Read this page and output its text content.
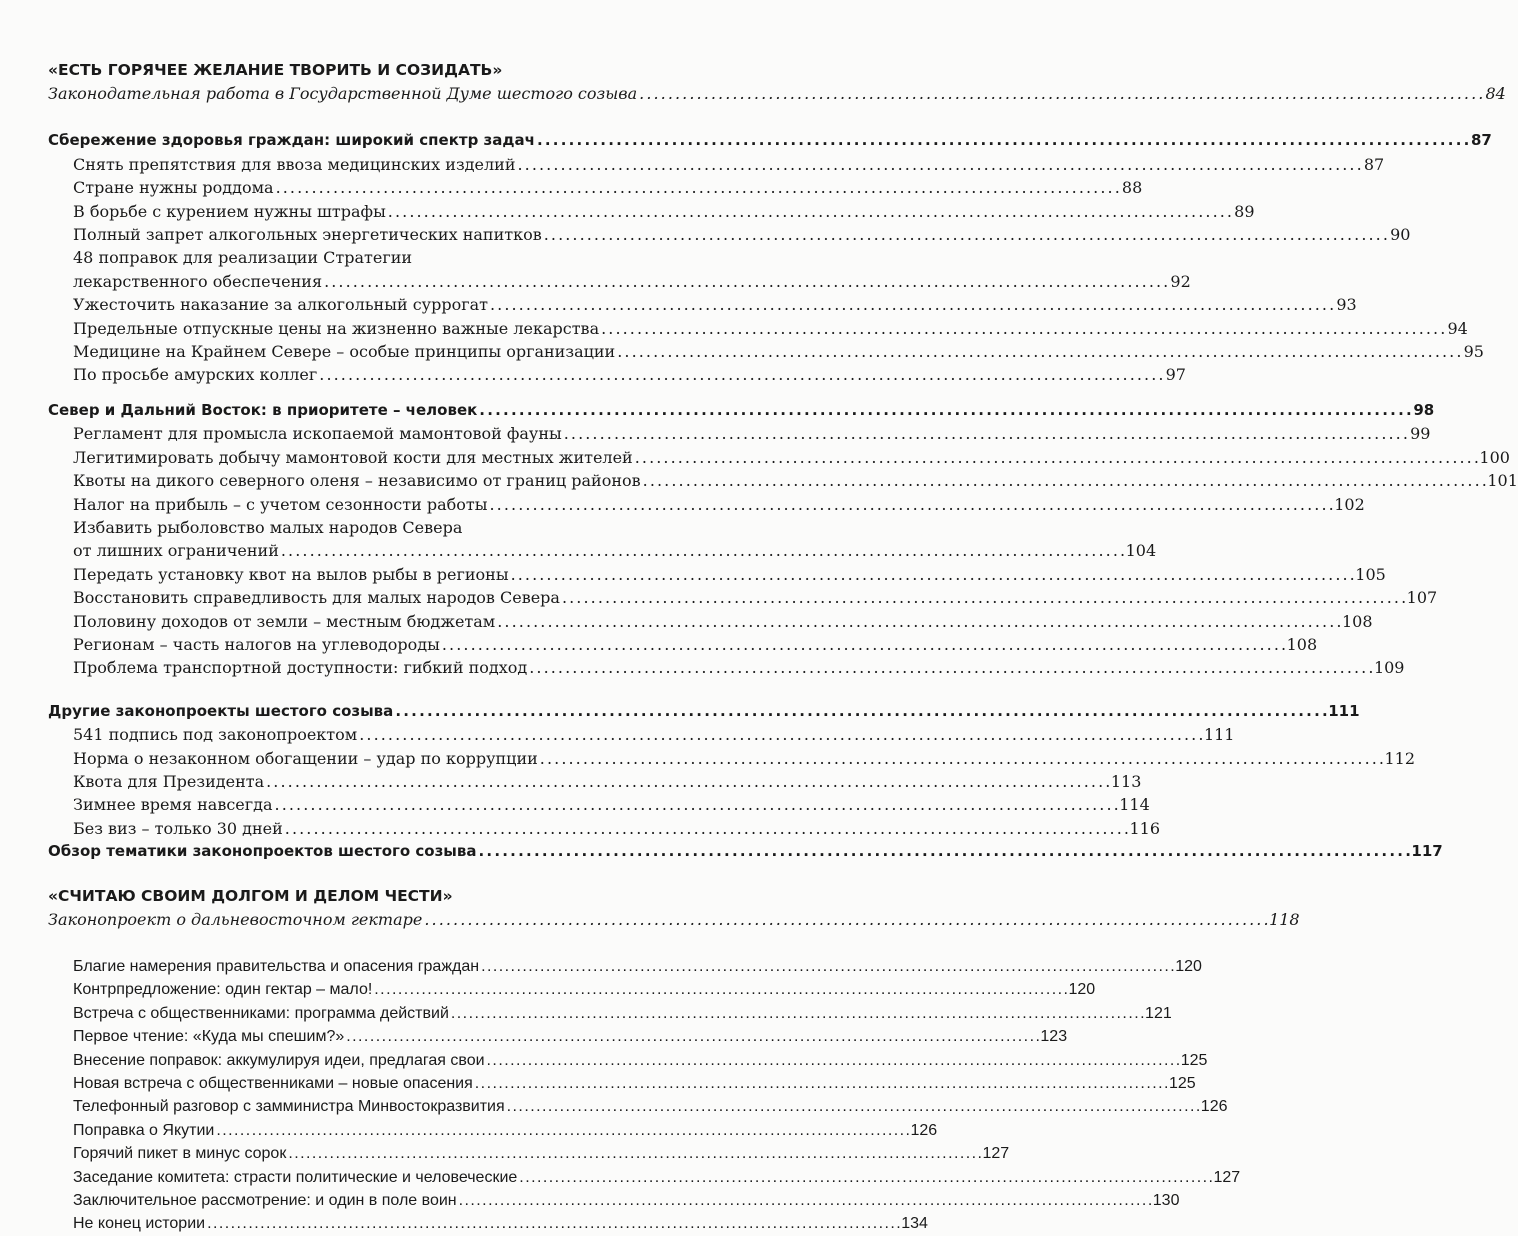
«ЕСТЬ ГОРЯЧЕЕ ЖЕЛАНИЕ ТВОРИТЬ И СОЗИДАТЬ»
Законодательная работа в Государственной Думе шестого созыва . . .	84
Сбережение здоровья граждан: широкий спектр задач . . .	87
Снять препятствия для ввоза медицинских изделий . . .	87
Стране нужны роддома . . .	88
В борьбе с курением нужны штрафы . . .	89
Полный запрет алкогольных энергетических напитков . . .	90
48 поправок для реализации Стратегии
лекарственного обеспечения . . .	92
Ужесточить наказание за алкогольный суррогат . . .	93
Предельные отпускные цены на жизненно важные лекарства . . .	94
Медицине на Крайнем Севере – особые принципы организации . . .	95
По просьбе амурских коллег . . .	97
Север и Дальний Восток: в приоритете – человек . . .	98
Регламент для промысла ископаемой мамонтовой фауны . . .	99
Легитимировать добычу мамонтовой кости для местных жителей . . .	100
Квоты на дикого северного оленя – независимо от границ районов . . .	101
Налог на прибыль – с учетом сезонности работы . . .	102
Избавить рыболовство малых народов Севера
от лишних ограничений . . .	104
Передать установку квот на вылов рыбы в регионы . . .	105
Восстановить справедливость для малых народов Севера . . .	107
Половину доходов от земли – местным бюджетам . . .	108
Регионам – часть налогов на углеводороды . . .	108
Проблема транспортной доступности: гибкий подход . . .	109
Другие законопроекты шестого созыва . . .	111
541 подпись под законопроектом . . .	111
Норма о незаконном обогащении – удар по коррупции . . .	112
Квота для Президента . . .	113
Зимнее время навсегда . . .	114
Без виз – только 30 дней . . .	116
Обзор тематики законопроектов шестого созыва . . .	117
«СЧИТАЮ СВОИМ ДОЛГОМ И ДЕЛОМ ЧЕСТИ»
Законопроект о дальневосточном гектаре . . .	118
Благие намерения правительства и опасения граждан . . .	120
Контрпредложение: один гектар – мало! . . .	120
Встреча с общественниками: программа действий . . .	121
Первое чтение: «Куда мы спешим?» . . .	123
Внесение поправок: аккумулируя идеи, предлагая свои . . .	125
Новая встреча с общественниками – новые опасения . . .	125
Телефонный разговор с замминистра Минвостокразвития . . .	126
Поправка о Якутии . . .	126
Горячий пикет в минус сорок . . .	127
Заседание комитета: страсти политические и человеческие . . .	127
Заключительное рассмотрение: и один в поле воин . . .	130
Не конец истории . . .	134
